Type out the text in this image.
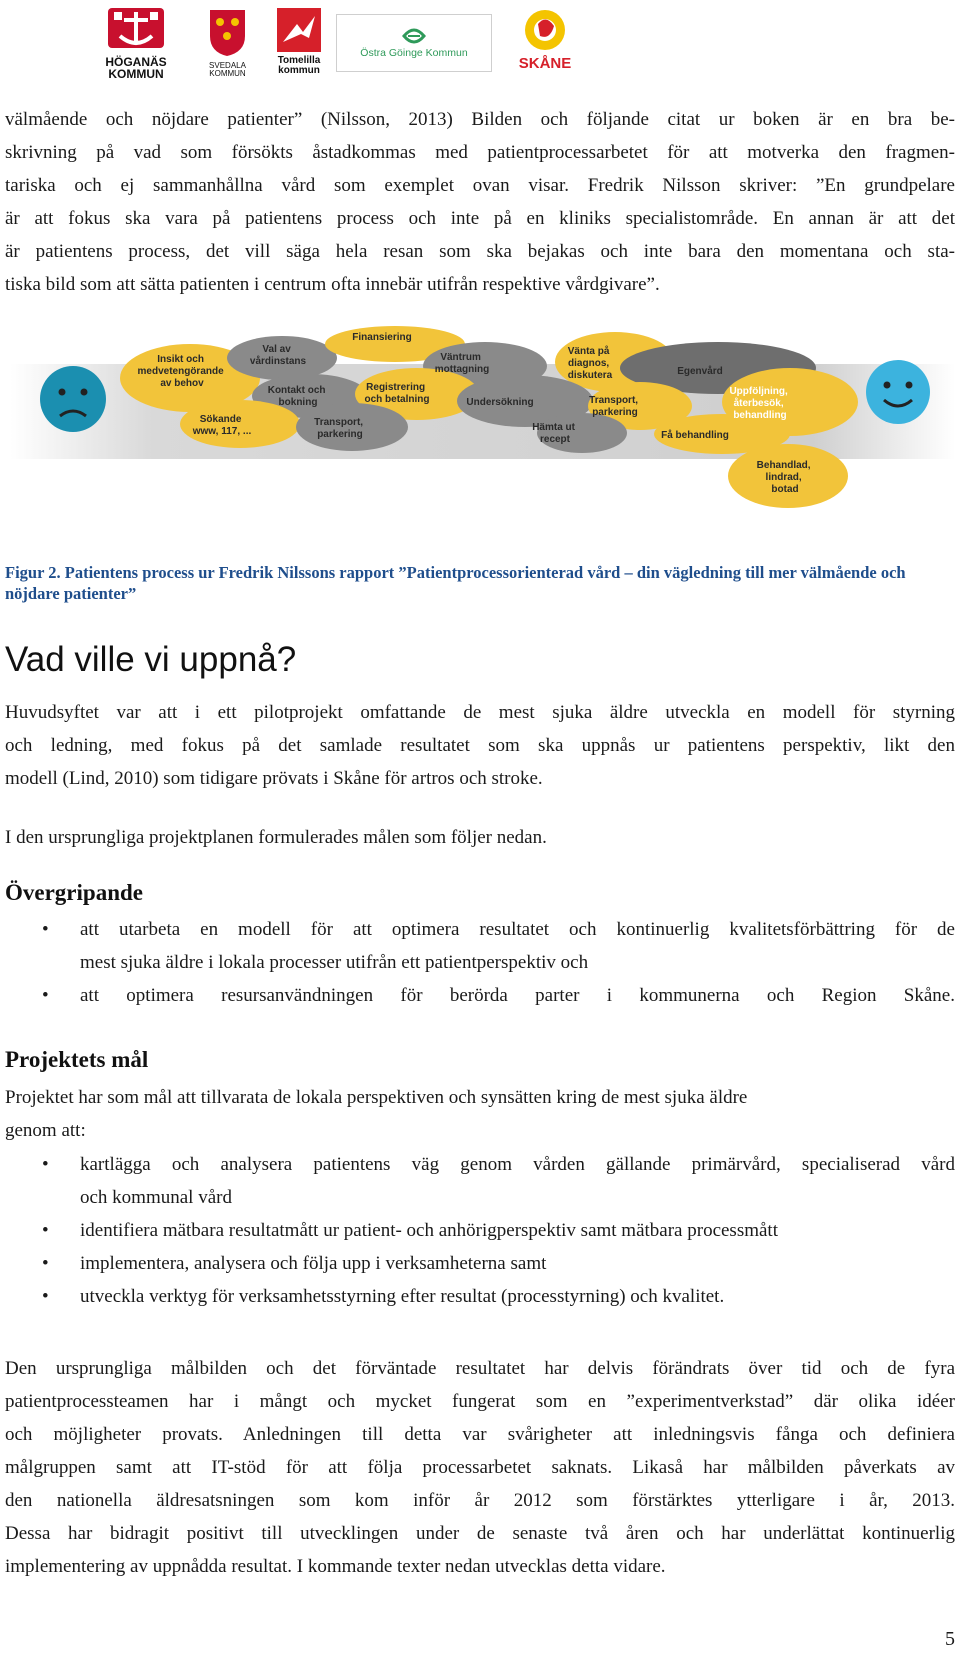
HÖGANÄS
KOMMUN
SVEDALA KOMMUN
Tomelilla
kommun
Östra Göinge Kommun
SKÅNE

välmående och nöjdare patienter” (Nilsson, 2013) Bilden och följande citat ur boken är en bra be-
skrivning på vad som försökts åstadkommas med patientprocessarbetet för att motverka den fragmen-
tariska och ej sammanhållna vård som exemplet ovan visar. Fredrik Nilsson skriver: ”En grundpelare
är att fokus ska vara på patientens process och inte på en kliniks specialistområde. En annan är att det
är patientens process, det vill säga hela resan som ska bejakas och inte bara den momentana och sta-
tiska bild som att sätta patienten i centrum ofta innebär utifrån respektive vårdgivare”.

Insikt och medvetengörande av behov
Val av vårdinstans
Finansiering
Väntrum mottagning
Vänta på diagnos, diskutera	Egenvård
Kontakt och bokning
Registrering och betalning	Undersökning	Transport, parkering
Uppföljning, återbesök, behandling
Sökande www, 117, ...
Transport, parkering
Hämta ut recept	Få behandling
Behandlad, lindrad, botad

Figur 2. Patientens process ur Fredrik Nilssons rapport ”Patientprocessorienterad vård – din vägledning till mer välmående och nöjdare patienter”

Vad ville vi uppnå?

Huvudsyftet var att i ett pilotprojekt omfattande de mest sjuka äldre utveckla en modell för styrning
och ledning, med fokus på det samlade resultatet som ska uppnås ur patientens perspektiv, likt den
modell (Lind, 2010) som tidigare prövats i Skåne för artros och stroke.

I den ursprungliga projektplanen formulerades målen som följer nedan.

Övergripande
• att utarbeta en modell för att optimera resultatet och kontinuerlig kvalitetsförbättring för de
mest sjuka äldre i lokala processer utifrån ett patientperspektiv och
• att optimera resursanvändningen för berörda parter i kommunerna och Region Skåne.
Projektets mål

Projektet har som mål att tillvarata de lokala perspektiven och synsätten kring de mest sjuka äldre
genom att:

• kartlägga och analysera patientens väg genom vården gällande primärvård, specialiserad vård
och kommunal vård
• identifiera mätbara resultatmått ur patient- och anhörigperspektiv samt mätbara processmått
• implementera, analysera och följa upp i verksamheterna samt
• utveckla verktyg för verksamhetsstyrning efter resultat (processtyrning) och kvalitet.

Den ursprungliga målbilden och det förväntade resultatet har delvis förändrats över tid och de fyra
patientprocessteamen har i mångt och mycket fungerat som en ”experimentverkstad” där olika idéer
och möjligheter provats. Anledningen till detta var svårigheter att inledningsvis fånga och definiera
målgruppen samt att IT-stöd för att följa processarbetet saknats. Likaså har målbilden påverkats av
den nationella äldresatsningen som kom inför år 2012 som förstärktes ytterligare i år, 2013.
Dessa har bidragit positivt till utvecklingen under de senaste två åren och har underlättat kontinuerlig
implementering av uppnådda resultat. I kommande texter nedan utvecklas detta vidare.

5
